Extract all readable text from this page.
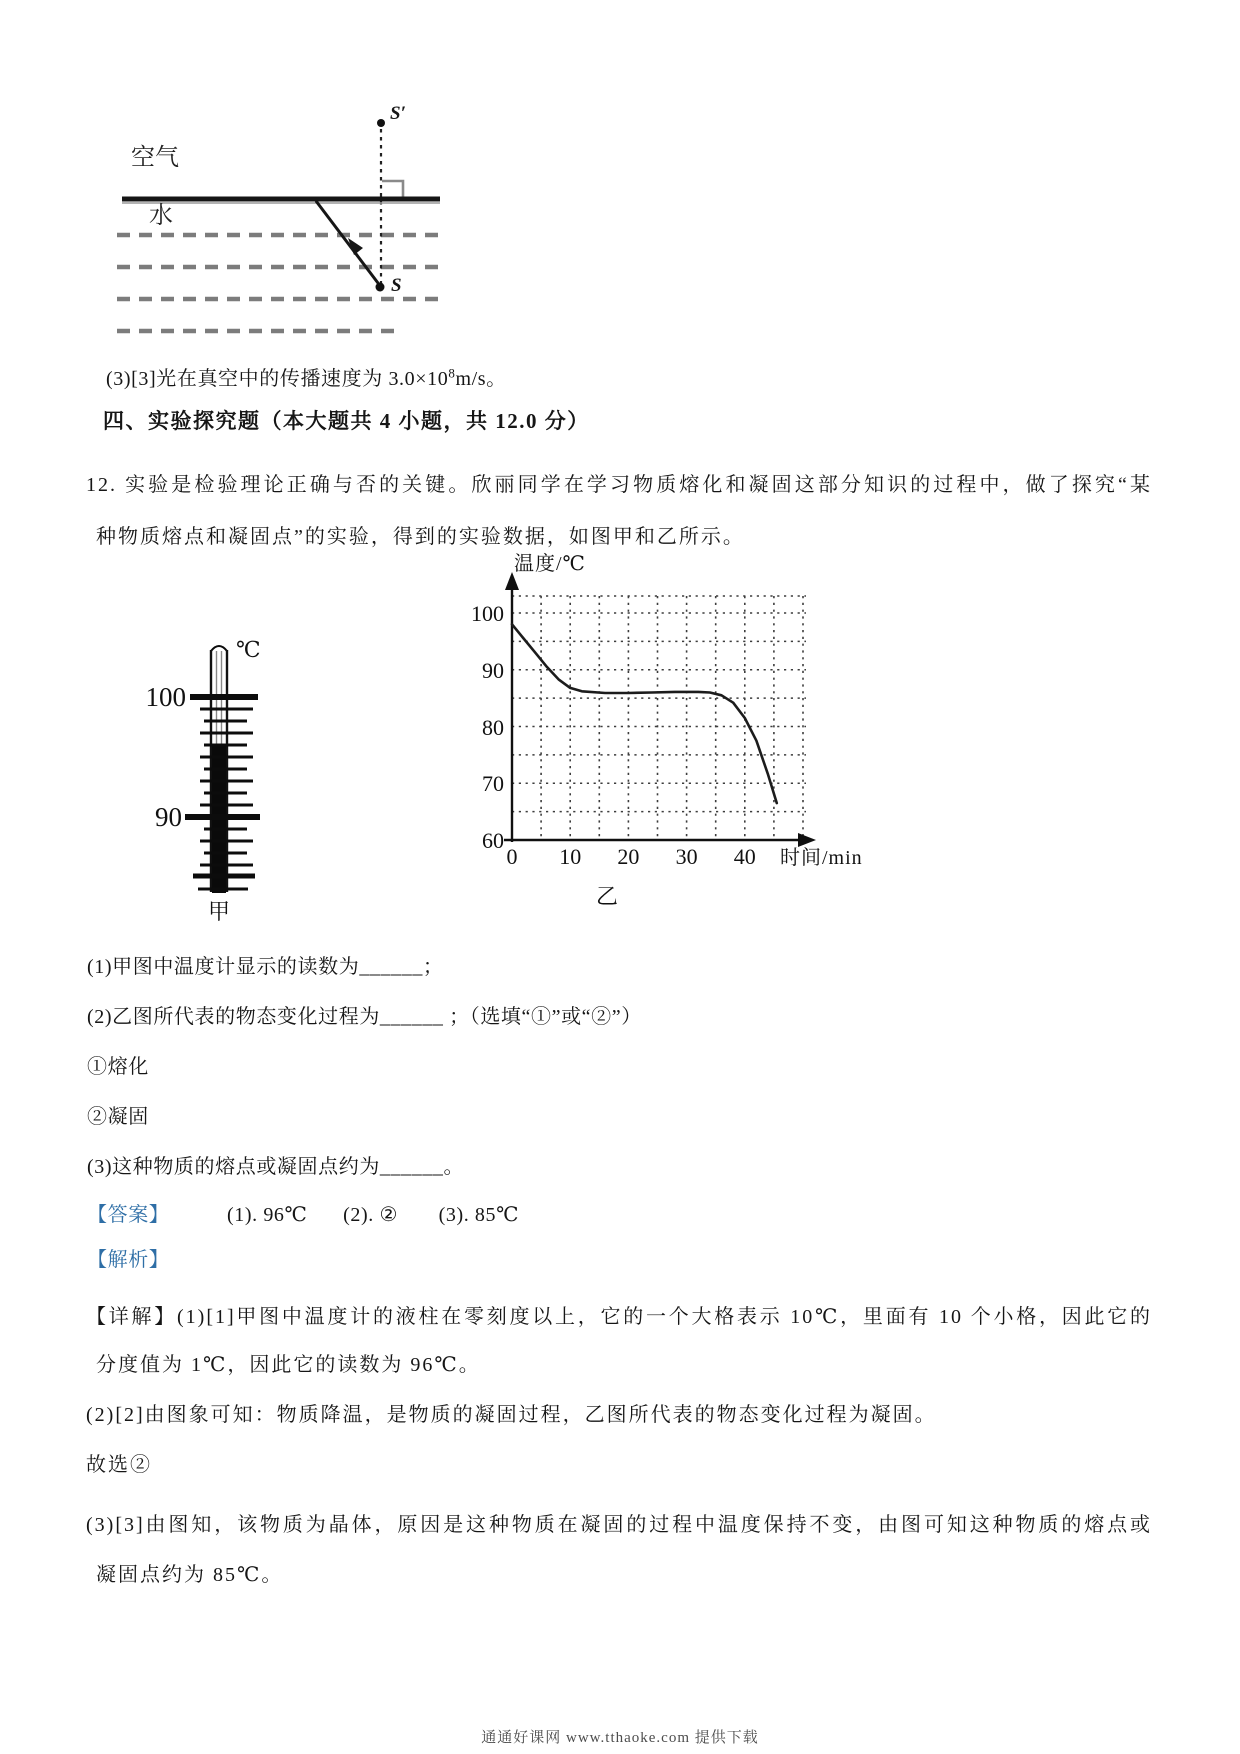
空气
水
S′
S
(3)[3]光在真空中的传播速度为 $3.0\times 10^8m/s$。
四、实验探究题（本大题共 4 小题，共 12.0 分）
12. 实验是检验理论正确与否的关键。欣丽同学在学习物质熔化和凝固这部分知识的过程中，做了探究“某
种物质熔点和凝固点”的实验，得到的实验数据，如图甲和乙所示。
℃
100
90
甲
60
70
80
90
100
0	10	20	30	40
温度/℃
时间/min
乙
(1)甲图中温度计显示的读数为______；
(2)乙图所代表的物态变化过程为______ ；（选填“①”或“②”）
①熔化
②凝固
(3)这种物质的熔点或凝固点约为______。
【答案】	(1). 96℃ (2). ② (3). 85℃
【解析】
【详解】(1)[1]甲图中温度计的液柱在零刻度以上，它的一个大格表示 10℃，里面有 10 个小格，因此它的
分度值为 1℃，因此它的读数为 96℃。
(2)[2]由图象可知：物质降温，是物质的凝固过程，乙图所代表的物态变化过程为凝固。
故选②
(3)[3]由图知，该物质为晶体，原因是这种物质在凝固的过程中温度保持不变，由图可知这种物质的熔点或
凝固点约为 85℃。
通通好课网 www.tthaoke.com 提供下载
